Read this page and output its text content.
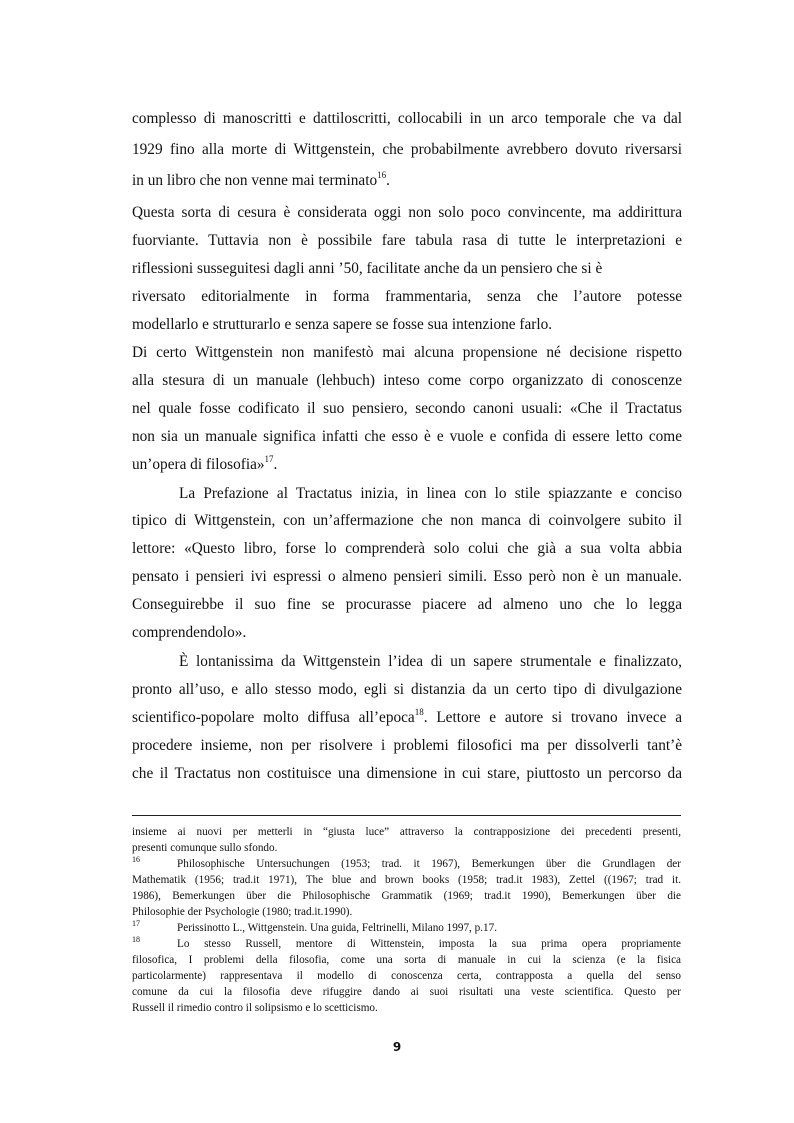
complesso di manoscritti e dattiloscritti, collocabili in un arco temporale che va dal
1929 fino alla morte di Wittgenstein, che probabilmente avrebbero dovuto riversarsi
in un libro che non venne mai terminato$^{16}$.
Questa sorta di cesura è considerata oggi non solo poco convincente, ma addirittura
fuorviante. Tuttavia non è possibile fare tabula rasa di tutte le interpretazioni e
riflessioni susseguitesi dagli anni ’50, facilitate anche da un pensiero che si è
riversato editorialmente in forma frammentaria, senza che l’autore potesse
modellarlo e strutturarlo e senza sapere se fosse sua intenzione farlo.
Di certo Wittgenstein non manifestò mai alcuna propensione né decisione rispetto
alla stesura di un manuale (lehbuch) inteso come corpo organizzato di conoscenze
nel quale fosse codificato il suo pensiero, secondo canoni usuali: «Che il Tractatus
non sia un manuale significa infatti che esso è e vuole e confida di essere letto come
un’opera di filosofia»$^{17}$.
La Prefazione al Tractatus inizia, in linea con lo stile spiazzante e conciso
tipico di Wittgenstein, con un’affermazione che non manca di coinvolgere subito il
lettore: «Questo libro, forse lo comprenderà solo colui che già a sua volta abbia
pensato i pensieri ivi espressi o almeno pensieri simili. Esso però non è un manuale.
Conseguirebbe il suo fine se procurasse piacere ad almeno uno che lo legga
comprendendolo».
È lontanissima da Wittgenstein l’idea di un sapere strumentale e finalizzato,
pronto all’uso, e allo stesso modo, egli si distanzia da un certo tipo di divulgazione
scientifico-popolare molto diffusa all’epoca$^{18}$. Lettore e autore si trovano invece a
procedere insieme, non per risolvere i problemi filosofici ma per dissolverli tant’è
che il Tractatus non costituisce una dimensione in cui stare, piuttosto un percorso da
insieme ai nuovi per metterli in “giusta luce” attraverso la contrapposizione dei precedenti presenti,
presenti comunque sullo sfondo.
16	Philosophische Untersuchungen (1953; trad. it 1967), Bemerkungen über die Grundlagen der
Mathematik (1956; trad.it 1971), The blue and brown books (1958; trad.it 1983), Zettel ((1967; trad it.
1986), Bemerkungen über die Philosophische Grammatik (1969; trad.it 1990), Bemerkungen über die
Philosophie der Psychologie (1980; trad.it.1990).
17	Perissinotto L., Wittgenstein. Una guida, Feltrinelli, Milano 1997, p.17.
18	Lo stesso Russell, mentore di Wittenstein, imposta la sua prima opera propriamente
filosofica, I problemi della filosofia, come una sorta di manuale in cui la scienza (e la fisica
particolarmente) rappresentava il modello di conoscenza certa, contrapposta a quella del senso
comune da cui la filosofia deve rifuggire dando ai suoi risultati una veste scientifica. Questo per
Russell il rimedio contro il solipsismo e lo scetticismo.
9
